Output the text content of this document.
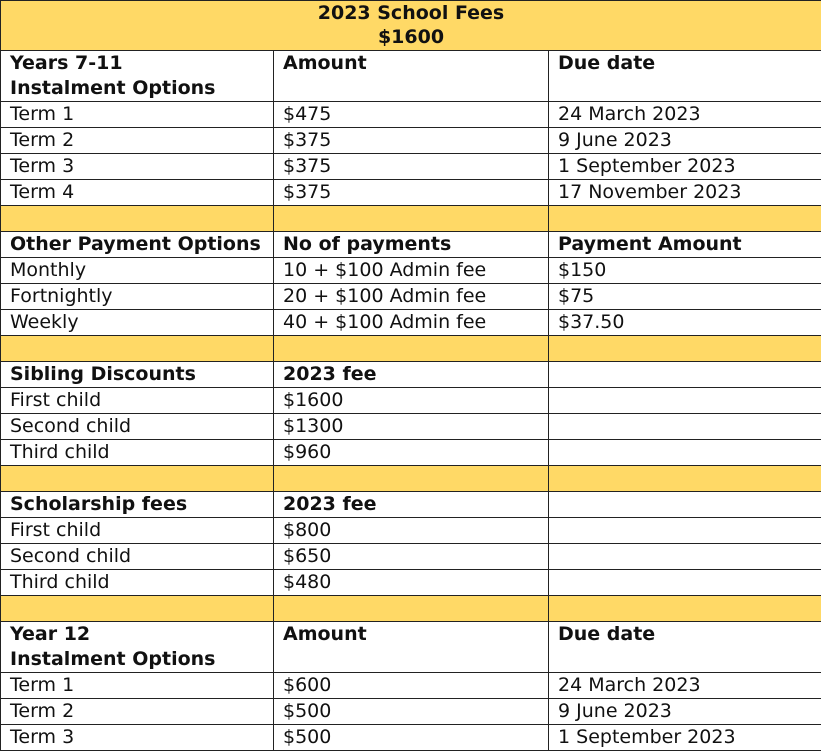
2023 School Fees
$1600		

Years 7-11
Instalment Options	Amount	Due date
Term 1	$475	24 March 2023
Term 2	$375	9 June 2023
Term 3	$375	1 September 2023
Term 4	$375	17 November 2023

Other Payment Options	No of payments	Payment Amount
Monthly	10 + $100 Admin fee	$150
Fortnightly	20 + $100 Admin fee	$75
Weekly	40 + $100 Admin fee	$37.50

Sibling Discounts	2023 fee	
First child	$1600	
Second child	$1300	
Third child	$960	

Scholarship fees	2023 fee	
First child	$800	
Second child	$650	
Third child	$480	

Year 12
Instalment Options	Amount	Due date
Term 1	$600	24 March 2023
Term 2	$500	9 June 2023
Term 3	$500	1 September 2023
